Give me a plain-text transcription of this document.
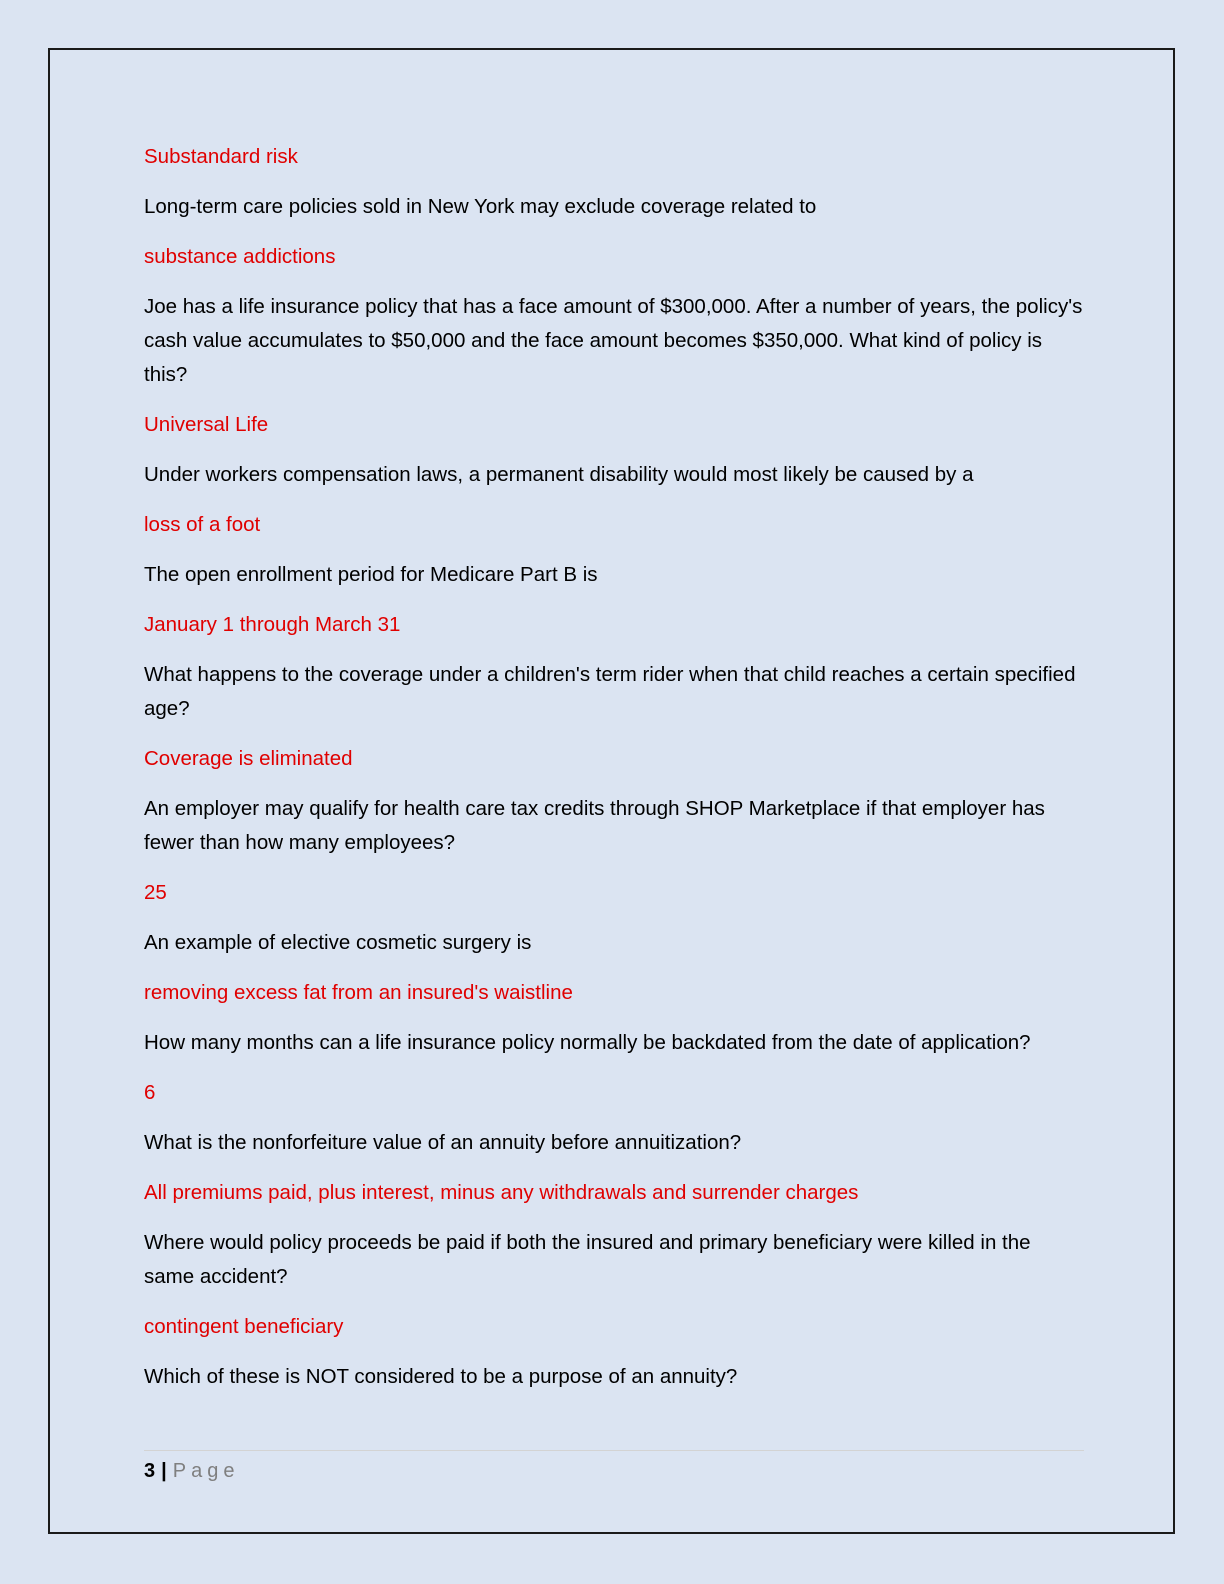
Substandard risk

Long-term care policies sold in New York may exclude coverage related to

substance addictions

Joe has a life insurance policy that has a face amount of $300,000. After a number of years, the policy's cash value accumulates to $50,000 and the face amount becomes $350,000. What kind of policy is this?

Universal Life

Under workers compensation laws, a permanent disability would most likely be caused by a

loss of a foot

The open enrollment period for Medicare Part B is

January 1 through March 31

What happens to the coverage under a children's term rider when that child reaches a certain specified age?

Coverage is eliminated

An employer may qualify for health care tax credits through SHOP Marketplace if that employer has fewer than how many employees?

25

An example of elective cosmetic surgery is

removing excess fat from an insured's waistline

How many months can a life insurance policy normally be backdated from the date of application?

6

What is the nonforfeiture value of an annuity before annuitization?

All premiums paid, plus interest, minus any withdrawals and surrender charges

Where would policy proceeds be paid if both the insured and primary beneficiary were killed in the same accident?

contingent beneficiary

Which of these is NOT considered to be a purpose of an annuity?

3 | Page
